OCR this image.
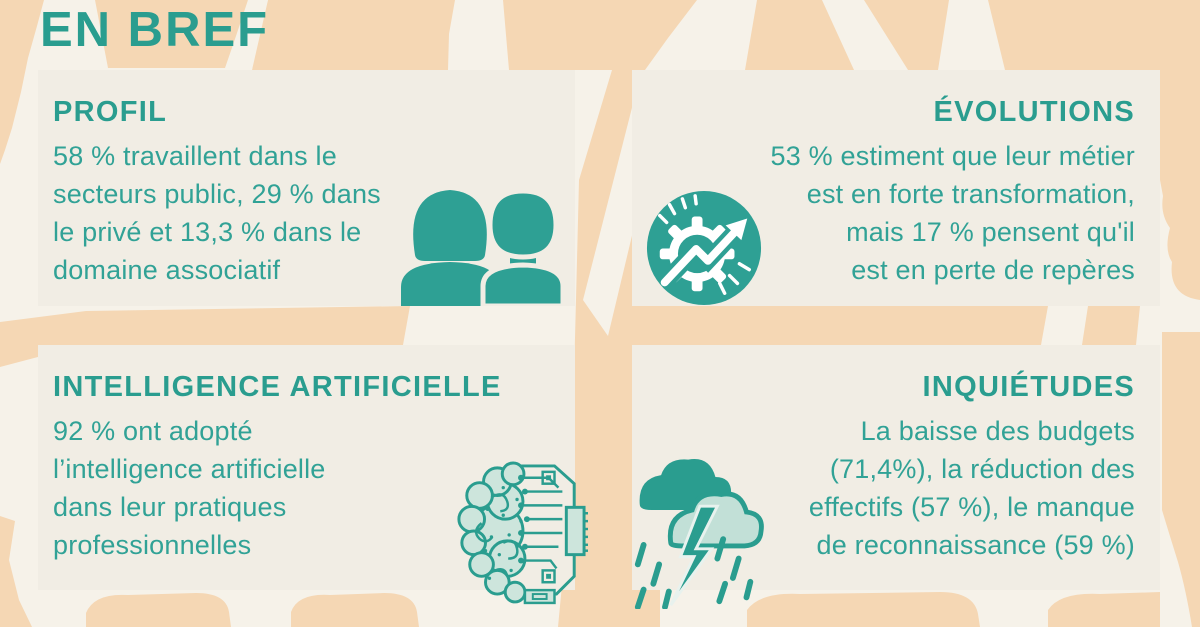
EN BREF
PROFIL
58 % travaillent dans le
secteurs public, 29 % dans
le privé et 13,3 % dans le
domaine associatif
ÉVOLUTIONS
53 % estiment que leur métier
est en forte transformation,
mais 17 % pensent qu'il
est en perte de repères
INTELLIGENCE ARTIFICIELLE
92 % ont adopté
l’intelligence artificielle
dans leur pratiques
professionnelles
INQUIÉTUDES
La baisse des budgets
(71,4%), la réduction des
effectifs (57 %), le manque
de reconnaissance (59 %)
